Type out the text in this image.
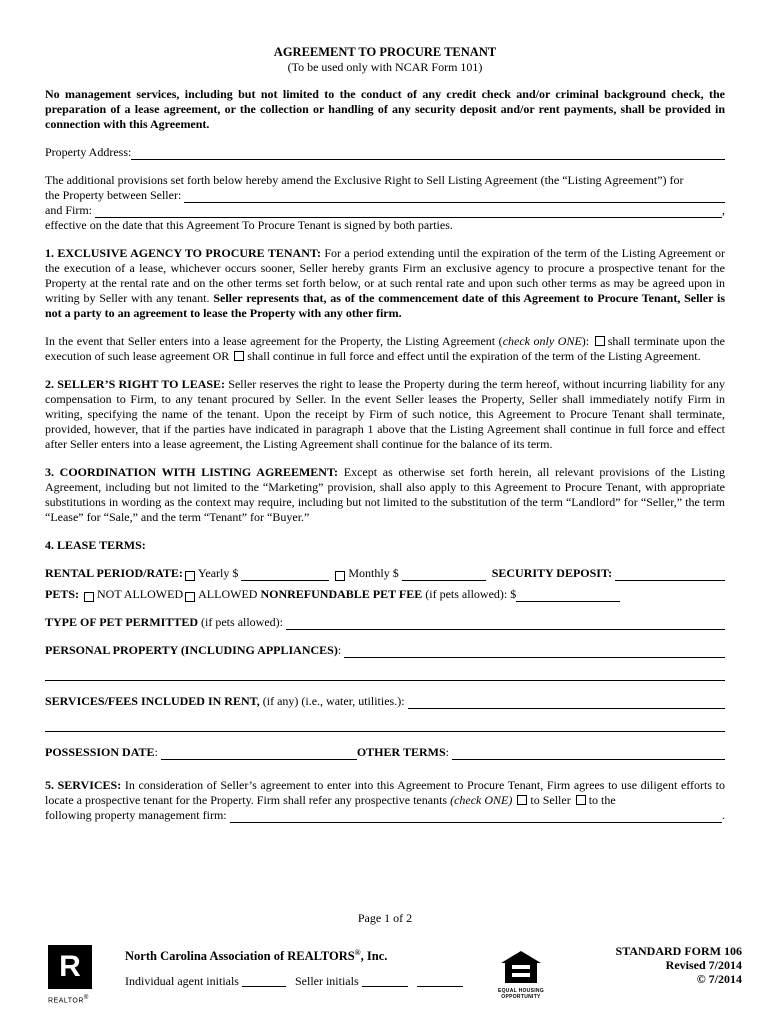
AGREEMENT TO PROCURE TENANT
(To be used only with NCAR Form 101)
No management services, including but not limited to the conduct of any credit check and/or criminal background check, the preparation of a lease agreement, or the collection or handling of any security deposit and/or rent payments, shall be provided in connection with this Agreement.
Property Address:
The additional provisions set forth below hereby amend the Exclusive Right to Sell Listing Agreement (the “Listing Agreement”) for
the Property between Seller:

and Firm:
	,
effective on the date that this Agreement To Procure Tenant is signed by both parties.
1. EXCLUSIVE AGENCY TO PROCURE TENANT: For a period extending until the expiration of the term of the Listing Agreement or the execution of a lease, whichever occurs sooner, Seller hereby grants Firm an exclusive agency to procure a prospective tenant for the Property at the rental rate and on the other terms set forth below, or at such rental rate and upon such other terms as may be agreed upon in writing by Seller with any tenant. Seller represents that, as of the commencement date of this Agreement to Procure Tenant, Seller is not a party to an agreement to lease the Property with any other firm.
In the event that Seller enters into a lease agreement for the Property, the Listing Agreement (check only ONE): shall terminate upon the execution of such lease agreement OR shall continue in full force and effect until the expiration of the term of the Listing Agreement.
2. SELLER’S RIGHT TO LEASE: Seller reserves the right to lease the Property during the term hereof, without incurring liability for any compensation to Firm, to any tenant procured by Seller. In the event Seller leases the Property, Seller shall immediately notify Firm in writing, specifying the name of the tenant. Upon the receipt by Firm of such notice, this Agreement to Procure Tenant shall terminate, provided, however, that if the parties have indicated in paragraph 1 above that the Listing Agreement shall continue in full force and effect after Seller enters into a lease agreement, the Listing Agreement shall continue for the balance of its term.
3. COORDINATION WITH LISTING AGREEMENT: Except as otherwise set forth herein, all relevant provisions of the Listing Agreement, including but not limited to the “Marketing” provision, shall also apply to this Agreement to Procure Tenant, with appropriate substitutions in wording as the context may require, including but not limited to the substitution of the term “Landlord” for “Seller,” the term “Lease” for “Sale,” and the term “Tenant” for “Buyer.”
4. LEASE TERMS:
RENTAL PERIOD/RATE: Yearly $
	Monthly $
	SECURITY DEPOSIT:

PETS:
NOT ALLOWED ALLOWED
NONREFUNDABLE PET FEE
(if pets allowed): $
TYPE OF PET PERMITTED
(if pets allowed):

PERSONAL PROPERTY (INCLUDING APPLIANCES) :

SERVICES/FEES INCLUDED IN RENT,
(if any) (i.e., water, utilities.):

POSSESSION DATE :
	OTHER TERMS :

5. SERVICES: In consideration of Seller’s agreement to enter into this Agreement to Procure Tenant, Firm agrees to use diligent efforts to locate a prospective tenant for the Property. Firm shall refer any prospective tenants (check ONE) to Seller to the
following property management firm:
	.
Page 1 of 2
R
REALTOR®
North Carolina Association of REALTORS®, Inc.
Individual agent initials	Seller initials
EQUAL HOUSING
OPPORTUNITY
STANDARD FORM 106
Revised 7/2014
© 7/2014
